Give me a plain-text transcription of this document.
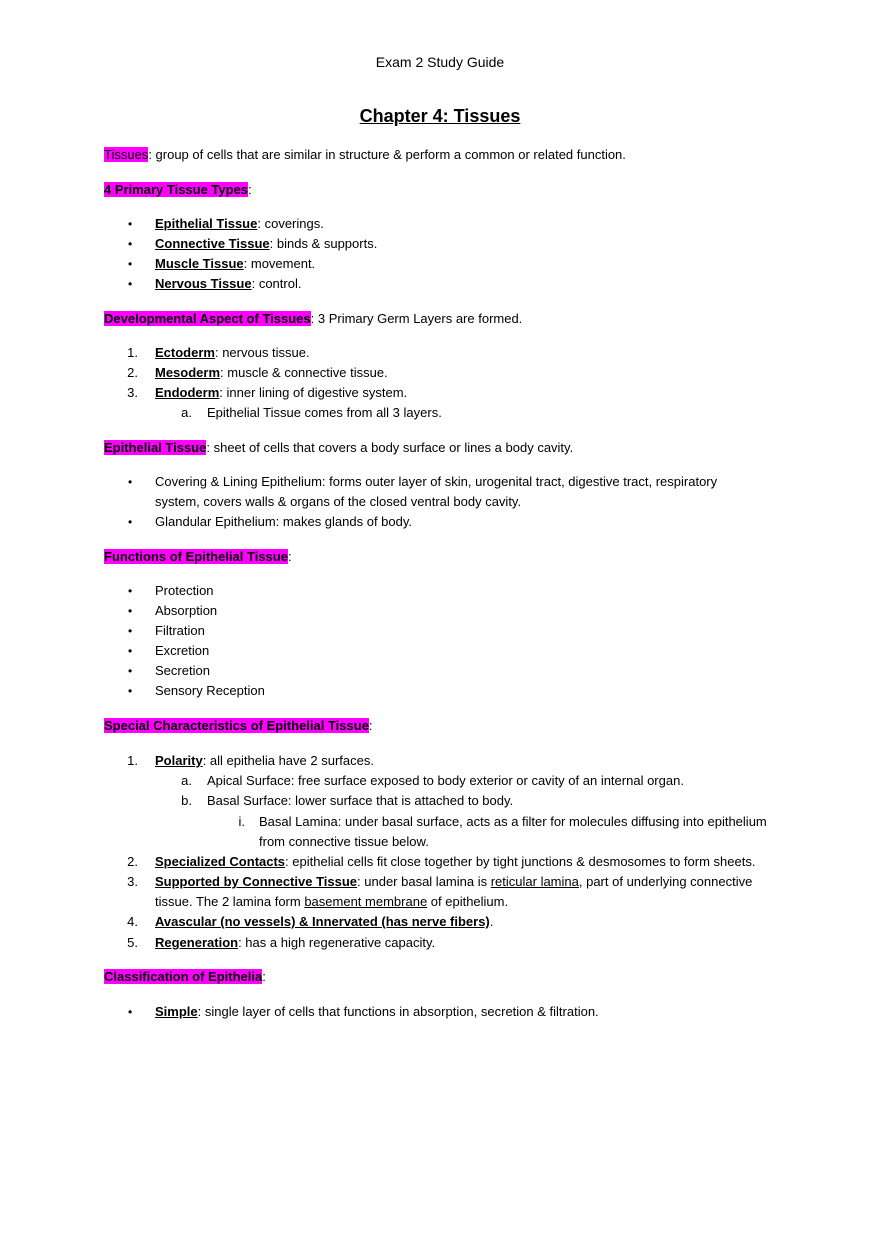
Exam 2 Study Guide
Chapter 4: Tissues
Tissues: group of cells that are similar in structure & perform a common or related function.
4 Primary Tissue Types:
• Epithelial Tissue: coverings.
• Connective Tissue: binds & supports.
• Muscle Tissue: movement.
• Nervous Tissue: control.
Developmental Aspect of Tissues: 3 Primary Germ Layers are formed.
1. Ectoderm: nervous tissue.
2. Mesoderm: muscle & connective tissue.
3. Endoderm: inner lining of digestive system.
a. Epithelial Tissue comes from all 3 layers.
Epithelial Tissue: sheet of cells that covers a body surface or lines a body cavity.
• Covering & Lining Epithelium: forms outer layer of skin, urogenital tract, digestive tract, respiratory
system, covers walls & organs of the closed ventral body cavity.
• Glandular Epithelium: makes glands of body.
Functions of Epithelial Tissue:
• Protection
• Absorption
• Filtration
• Excretion
• Secretion
• Sensory Reception
Special Characteristics of Epithelial Tissue:
1. Polarity: all epithelia have 2 surfaces.
a. Apical Surface: free surface exposed to body exterior or cavity of an internal organ.
b. Basal Surface: lower surface that is attached to body.
i. Basal Lamina: under basal surface, acts as a filter for molecules diffusing into epithelium
from connective tissue below.
2. Specialized Contacts: epithelial cells fit close together by tight junctions & desmosomes to form sheets.
3. Supported by Connective Tissue: under basal lamina is reticular lamina, part of underlying connective
tissue. The 2 lamina form basement membrane of epithelium.
4. Avascular (no vessels) & Innervated (has nerve fibers).
5. Regeneration: has a high regenerative capacity.
Classification of Epithelia:
• Simple: single layer of cells that functions in absorption, secretion & filtration.
